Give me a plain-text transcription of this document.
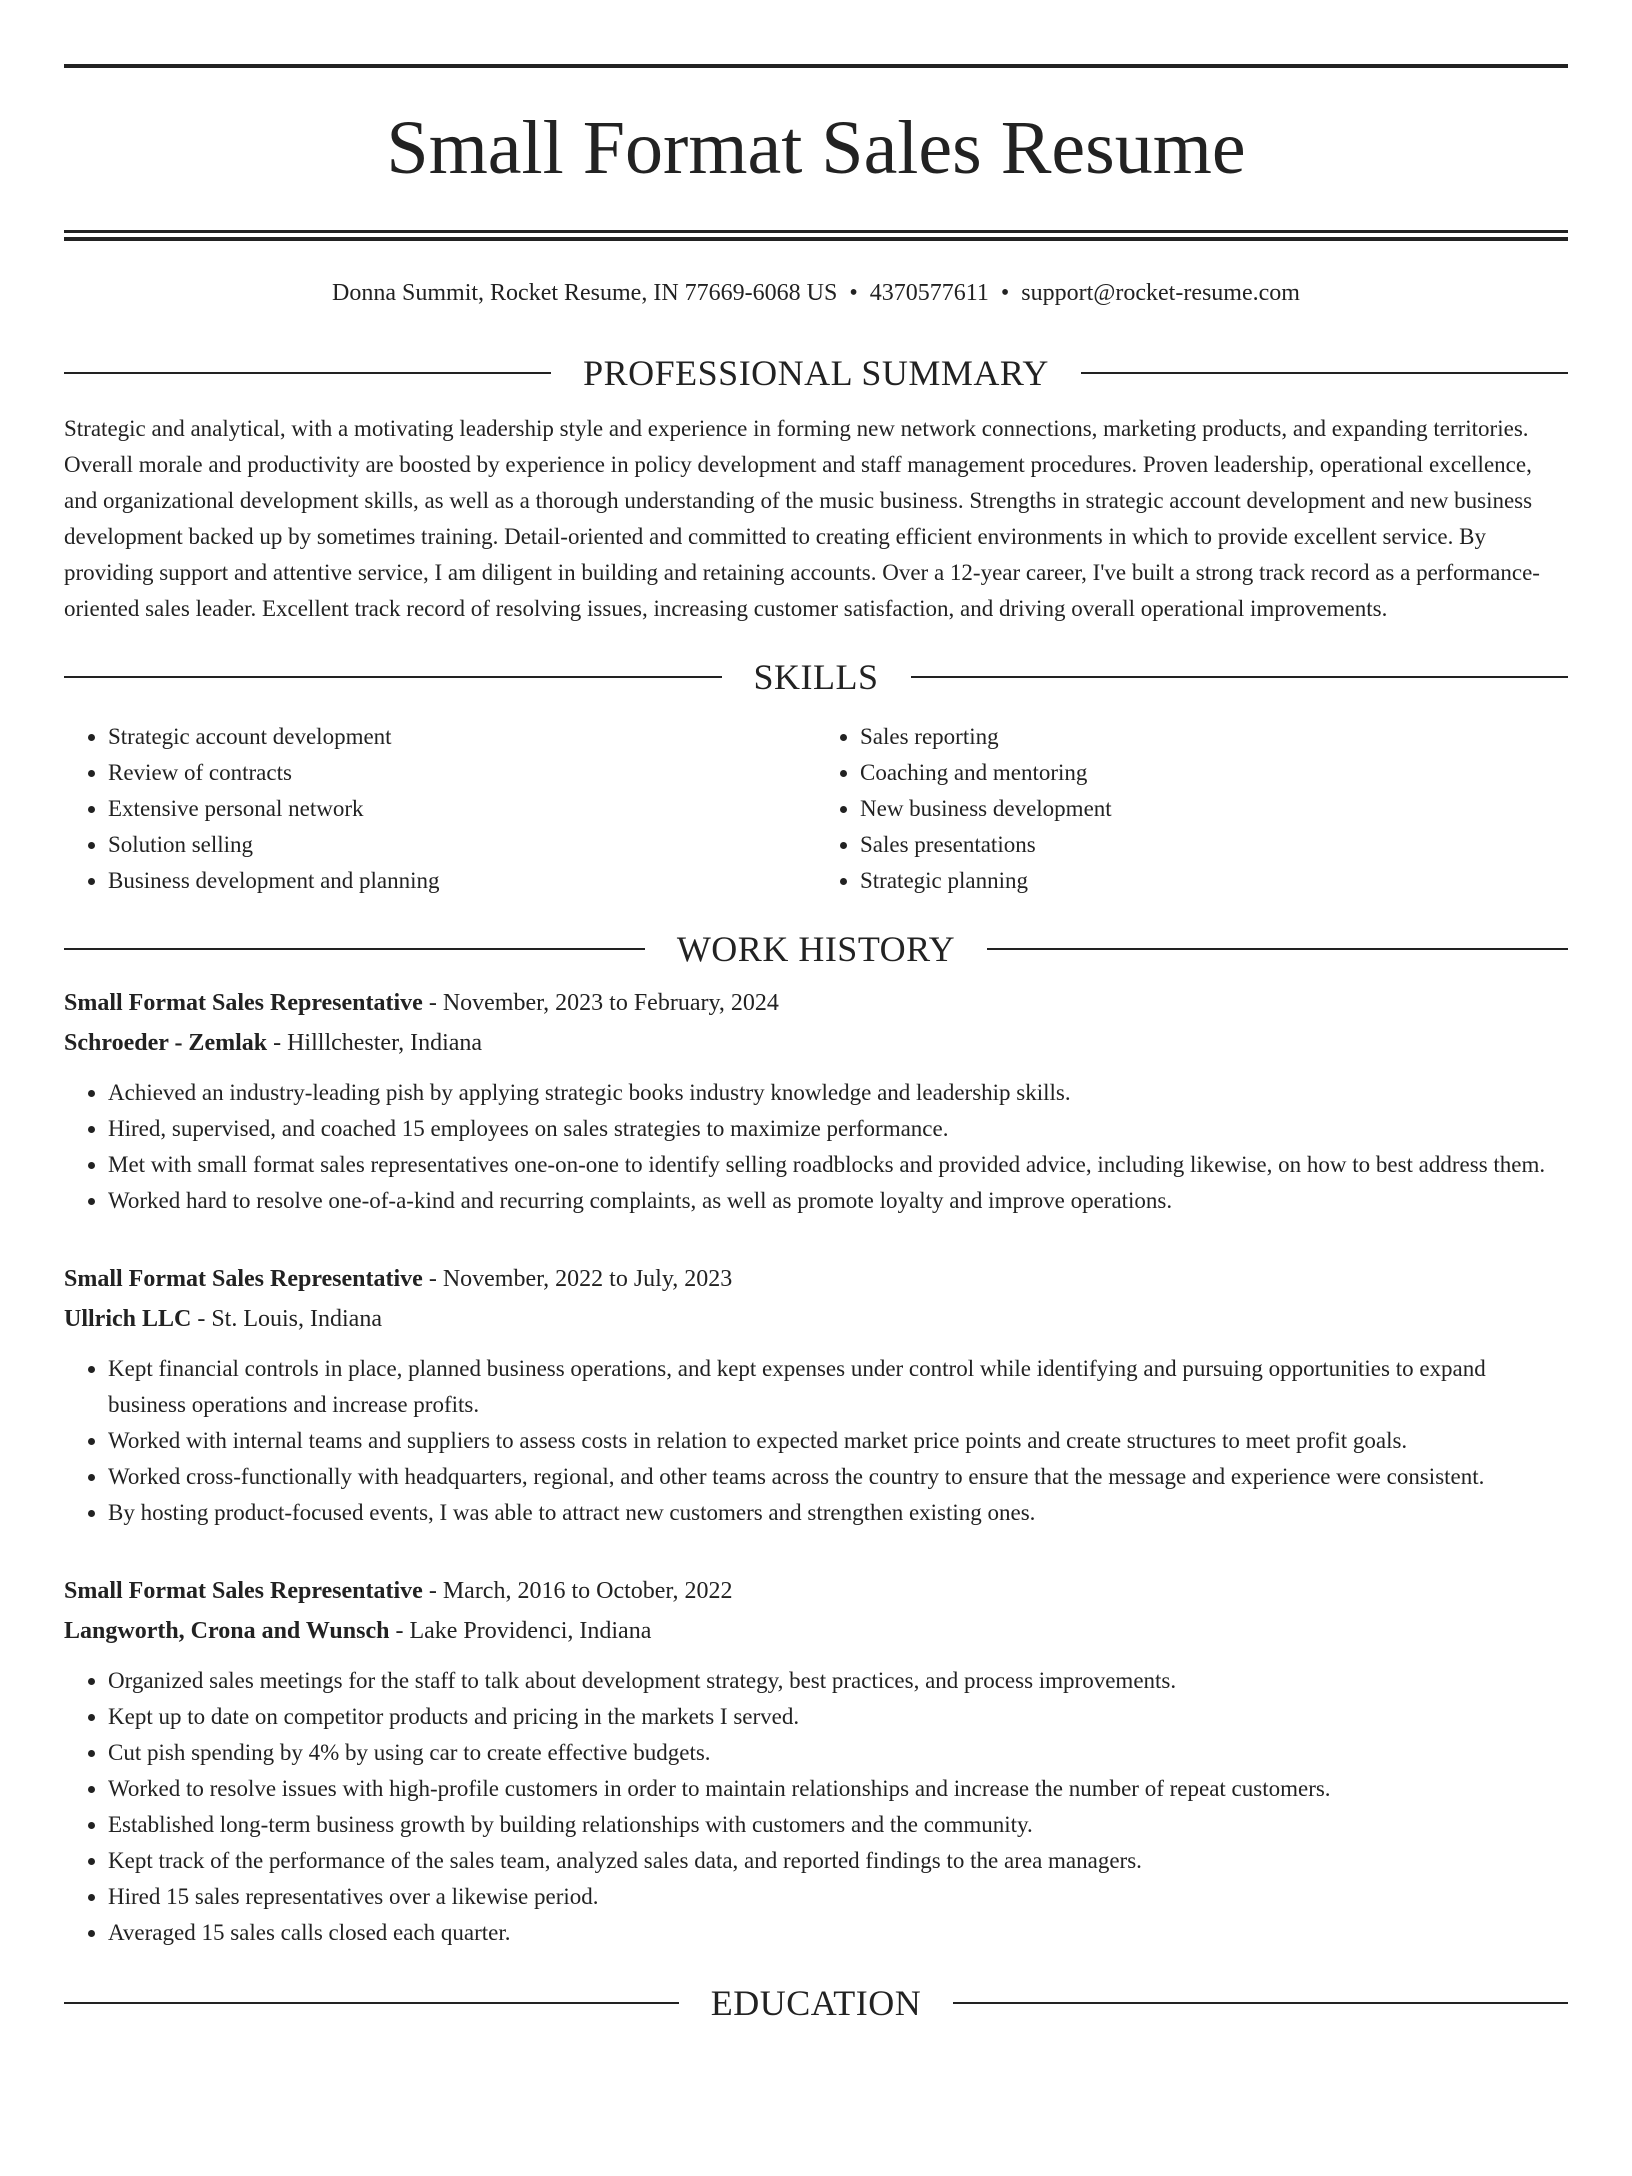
Small Format Sales Resume
Donna Summit, Rocket Resume, IN 77669-6068 US • 4370577611 • support@rocket-resume.com
PROFESSIONAL SUMMARY

Strategic and analytical, with a motivating leadership style and experience in forming new network connections, marketing products, and expanding territories. Overall morale and productivity are boosted by experience in policy development and staff management procedures. Proven leadership, operational excellence, and organizational development skills, as well as a thorough understanding of the music business. Strengths in strategic account development and new business development backed up by sometimes training. Detail-oriented and committed to creating efficient environments in which to provide excellent service. By providing support and attentive service, I am diligent in building and retaining accounts. Over a 12-year career, I've built a strong track record as a performance-oriented sales leader. Excellent track record of resolving issues, increasing customer satisfaction, and driving overall operational improvements.

SKILLS
• Strategic account development
• Review of contracts
• Extensive personal network
• Solution selling
• Business development and planning
• Sales reporting
• Coaching and mentoring
• New business development
• Sales presentations
• Strategic planning
WORK HISTORY
Small Format Sales Representative - November, 2023 to February, 2024
Schroeder - Zemlak - Hilllchester, Indiana
• Achieved an industry-leading pish by applying strategic books industry knowledge and leadership skills.
• Hired, supervised, and coached 15 employees on sales strategies to maximize performance.
• Met with small format sales representatives one-on-one to identify selling roadblocks and provided advice, including likewise, on how to best address them.
• Worked hard to resolve one-of-a-kind and recurring complaints, as well as promote loyalty and improve operations.
Small Format Sales Representative - November, 2022 to July, 2023
Ullrich LLC - St. Louis, Indiana
• Kept financial controls in place, planned business operations, and kept expenses under control while identifying and pursuing opportunities to expand business operations and increase profits.
• Worked with internal teams and suppliers to assess costs in relation to expected market price points and create structures to meet profit goals.
• Worked cross-functionally with headquarters, regional, and other teams across the country to ensure that the message and experience were consistent.
• By hosting product-focused events, I was able to attract new customers and strengthen existing ones.
Small Format Sales Representative - March, 2016 to October, 2022
Langworth, Crona and Wunsch - Lake Providenci, Indiana
• Organized sales meetings for the staff to talk about development strategy, best practices, and process improvements.
• Kept up to date on competitor products and pricing in the markets I served.
• Cut pish spending by 4% by using car to create effective budgets.
• Worked to resolve issues with high-profile customers in order to maintain relationships and increase the number of repeat customers.
• Established long-term business growth by building relationships with customers and the community.
• Kept track of the performance of the sales team, analyzed sales data, and reported findings to the area managers.
• Hired 15 sales representatives over a likewise period.
• Averaged 15 sales calls closed each quarter.
EDUCATION
